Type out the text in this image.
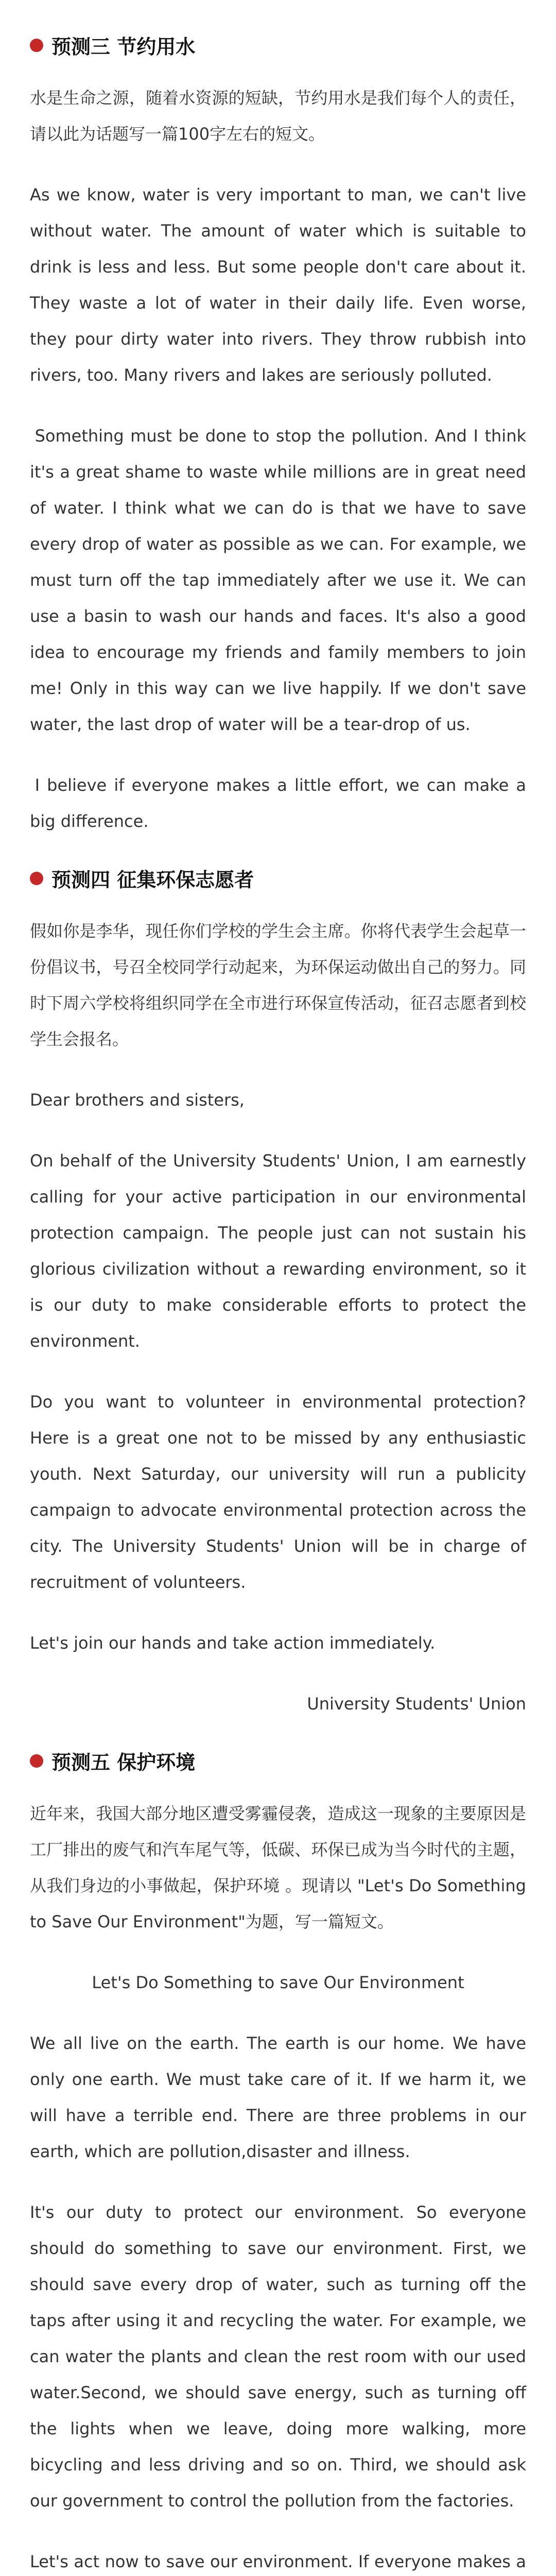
预测三 节约用水

水是生命之源，随着水资源的短缺，节约用水是我们每个人的责任，请以此为话题写一篇100字左右的短文。

As we know, water is very important to man, we can't live without water. The amount of water which is suitable to drink is less and less. But some people don't care about it. They waste a lot of water in their daily life. Even worse, they pour dirty water into rivers. They throw rubbish into rivers, too. Many rivers and lakes are seriously polluted.

Something must be done to stop the pollution. And I think it's a great shame to waste while millions are in great need of water. I think what we can do is that we have to save every drop of water as possible as we can. For example, we must turn off the tap immediately after we use it. We can use a basin to wash our hands and faces. It's also a good idea to encourage my friends and family members to join me! Only in this way can we live happily. If we don't save water, the last drop of water will be a tear-drop of us.

I believe if everyone makes a little effort, we can make a big difference.

预测四 征集环保志愿者

假如你是李华，现任你们学校的学生会主席。你将代表学生会起草一份倡议书，号召全校同学行动起来，为环保运动做出自己的努力。同时下周六学校将组织同学在全市进行环保宣传活动，征召志愿者到校学生会报名。

Dear brothers and sisters,

On behalf of the University Students' Union, I am earnestly calling for your active participation in our environmental protection campaign. The people just can not sustain his glorious civilization without a rewarding environment, so it is our duty to make considerable efforts to protect the environment.

Do you want to volunteer in environmental protection? Here is a great one not to be missed by any enthusiastic youth. Next Saturday, our university will run a publicity campaign to advocate environmental protection across the city. The University Students' Union will be in charge of recruitment of volunteers.

Let's join our hands and take action immediately.

University Students' Union

预测五 保护环境

近年来，我国大部分地区遭受雾霾侵袭，造成这一现象的主要原因是工厂排出的废气和汽车尾气等，低碳、环保已成为当今时代的主题，从我们身边的小事做起，保护环境 。现请以 "Let's Do Something to Save Our Environment"为题，写一篇短文。

Let's Do Something to save Our Environment

We all live on the earth. The earth is our home. We have only one earth. We must take care of it. If we harm it, we will have a terrible end. There are three problems in our earth, which are pollution,disaster and illness.

It's our duty to protect our environment. So everyone should do something to save our environment. First, we should save every drop of water, such as turning off the taps after using it and recycling the water. For example, we can water the plants and clean the rest room with our used water.Second, we should save energy, such as turning off the lights when we leave, doing more walking, more bicycling and less driving and so on. Third, we should ask our government to control the pollution from the factories.

Let's act now to save our environment. If everyone makes a
